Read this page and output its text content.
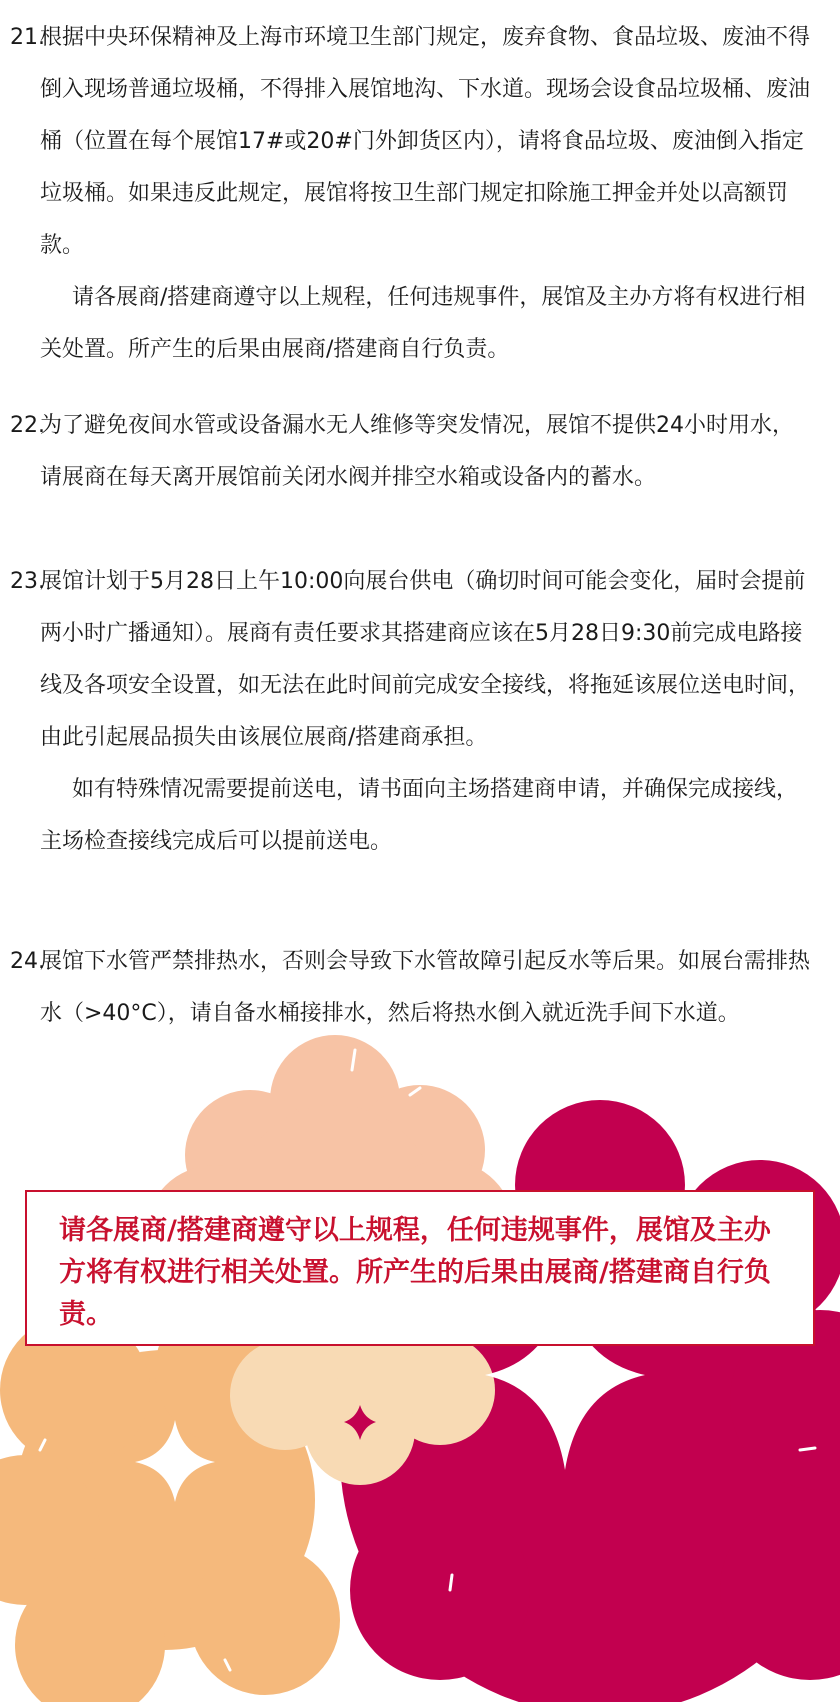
21.

根据中央环保精神及上海市环境卫生部门规定，废弃食物、食品垃圾、废油不得倒入现场普通垃圾桶，不得排入展馆地沟、下水道。现场会设食品垃圾桶、废油桶（位置在每个展馆17#或20#门外卸货区内），请将食品垃圾、废油倒入指定垃圾桶。如果违反此规定，展馆将按卫生部门规定扣除施工押金并处以高额罚款。

请各展商/搭建商遵守以上规程，任何违规事件，展馆及主办方将有权进行相关处置。所产生的后果由展商/搭建商自行负责。

22.

为了避免夜间水管或设备漏水无人维修等突发情况，展馆不提供24小时用水，请展商在每天离开展馆前关闭水阀并排空水箱或设备内的蓄水。

23.

展馆计划于5月28日上午10:00向展台供电（确切时间可能会变化，届时会提前两小时广播通知）。展商有责任要求其搭建商应该在5月28日9:30前完成电路接线及各项安全设置，如无法在此时间前完成安全接线，将拖延该展位送电时间，由此引起展品损失由该展位展商/搭建商承担。

如有特殊情况需要提前送电，请书面向主场搭建商申请，并确保完成接线，主场检查接线完成后可以提前送电。

24.

展馆下水管严禁排热水，否则会导致下水管故障引起反水等后果。如展台需排热水（>40°C），请自备水桶接排水，然后将热水倒入就近洗手间下水道。

请各展商/搭建商遵守以上规程，任何违规事件，展馆及主办方将有权进行相关处置。所产生的后果由展商/搭建商自行负责。
